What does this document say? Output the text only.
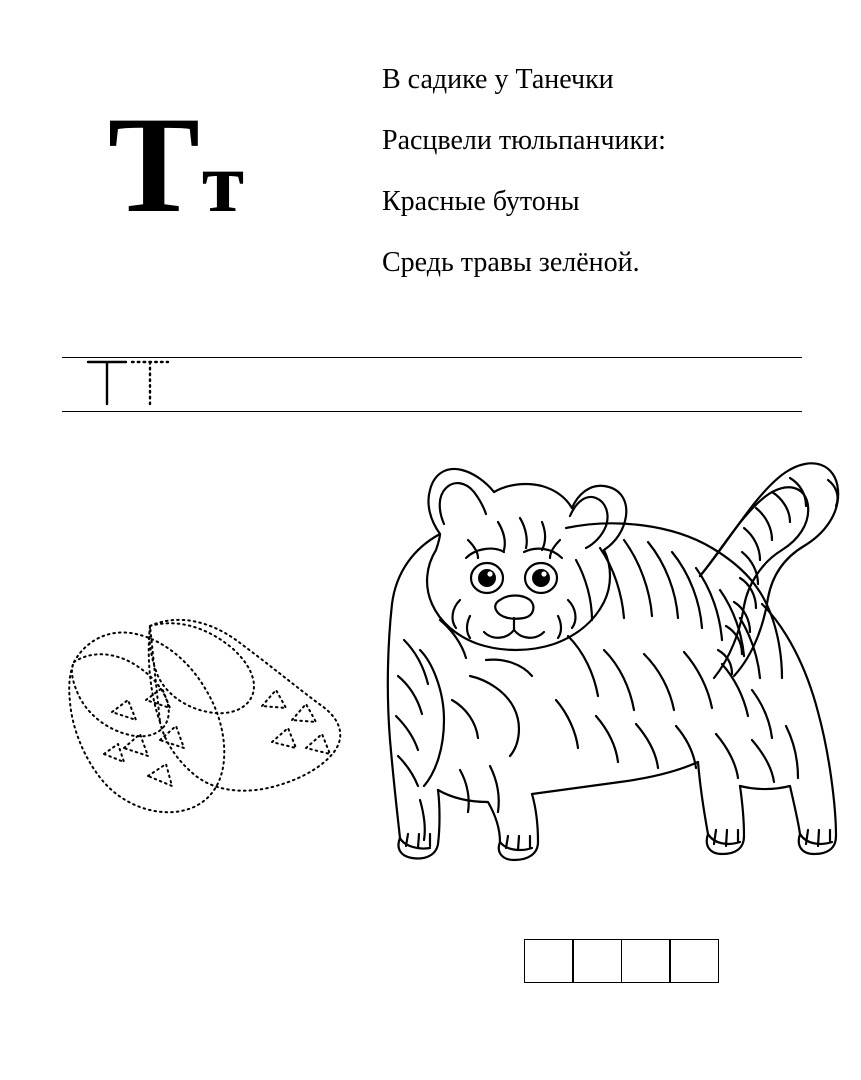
Тт
В садике у Танечки
Расцвели тюльпанчики:
Красные бутоны
Средь травы зелёной.
